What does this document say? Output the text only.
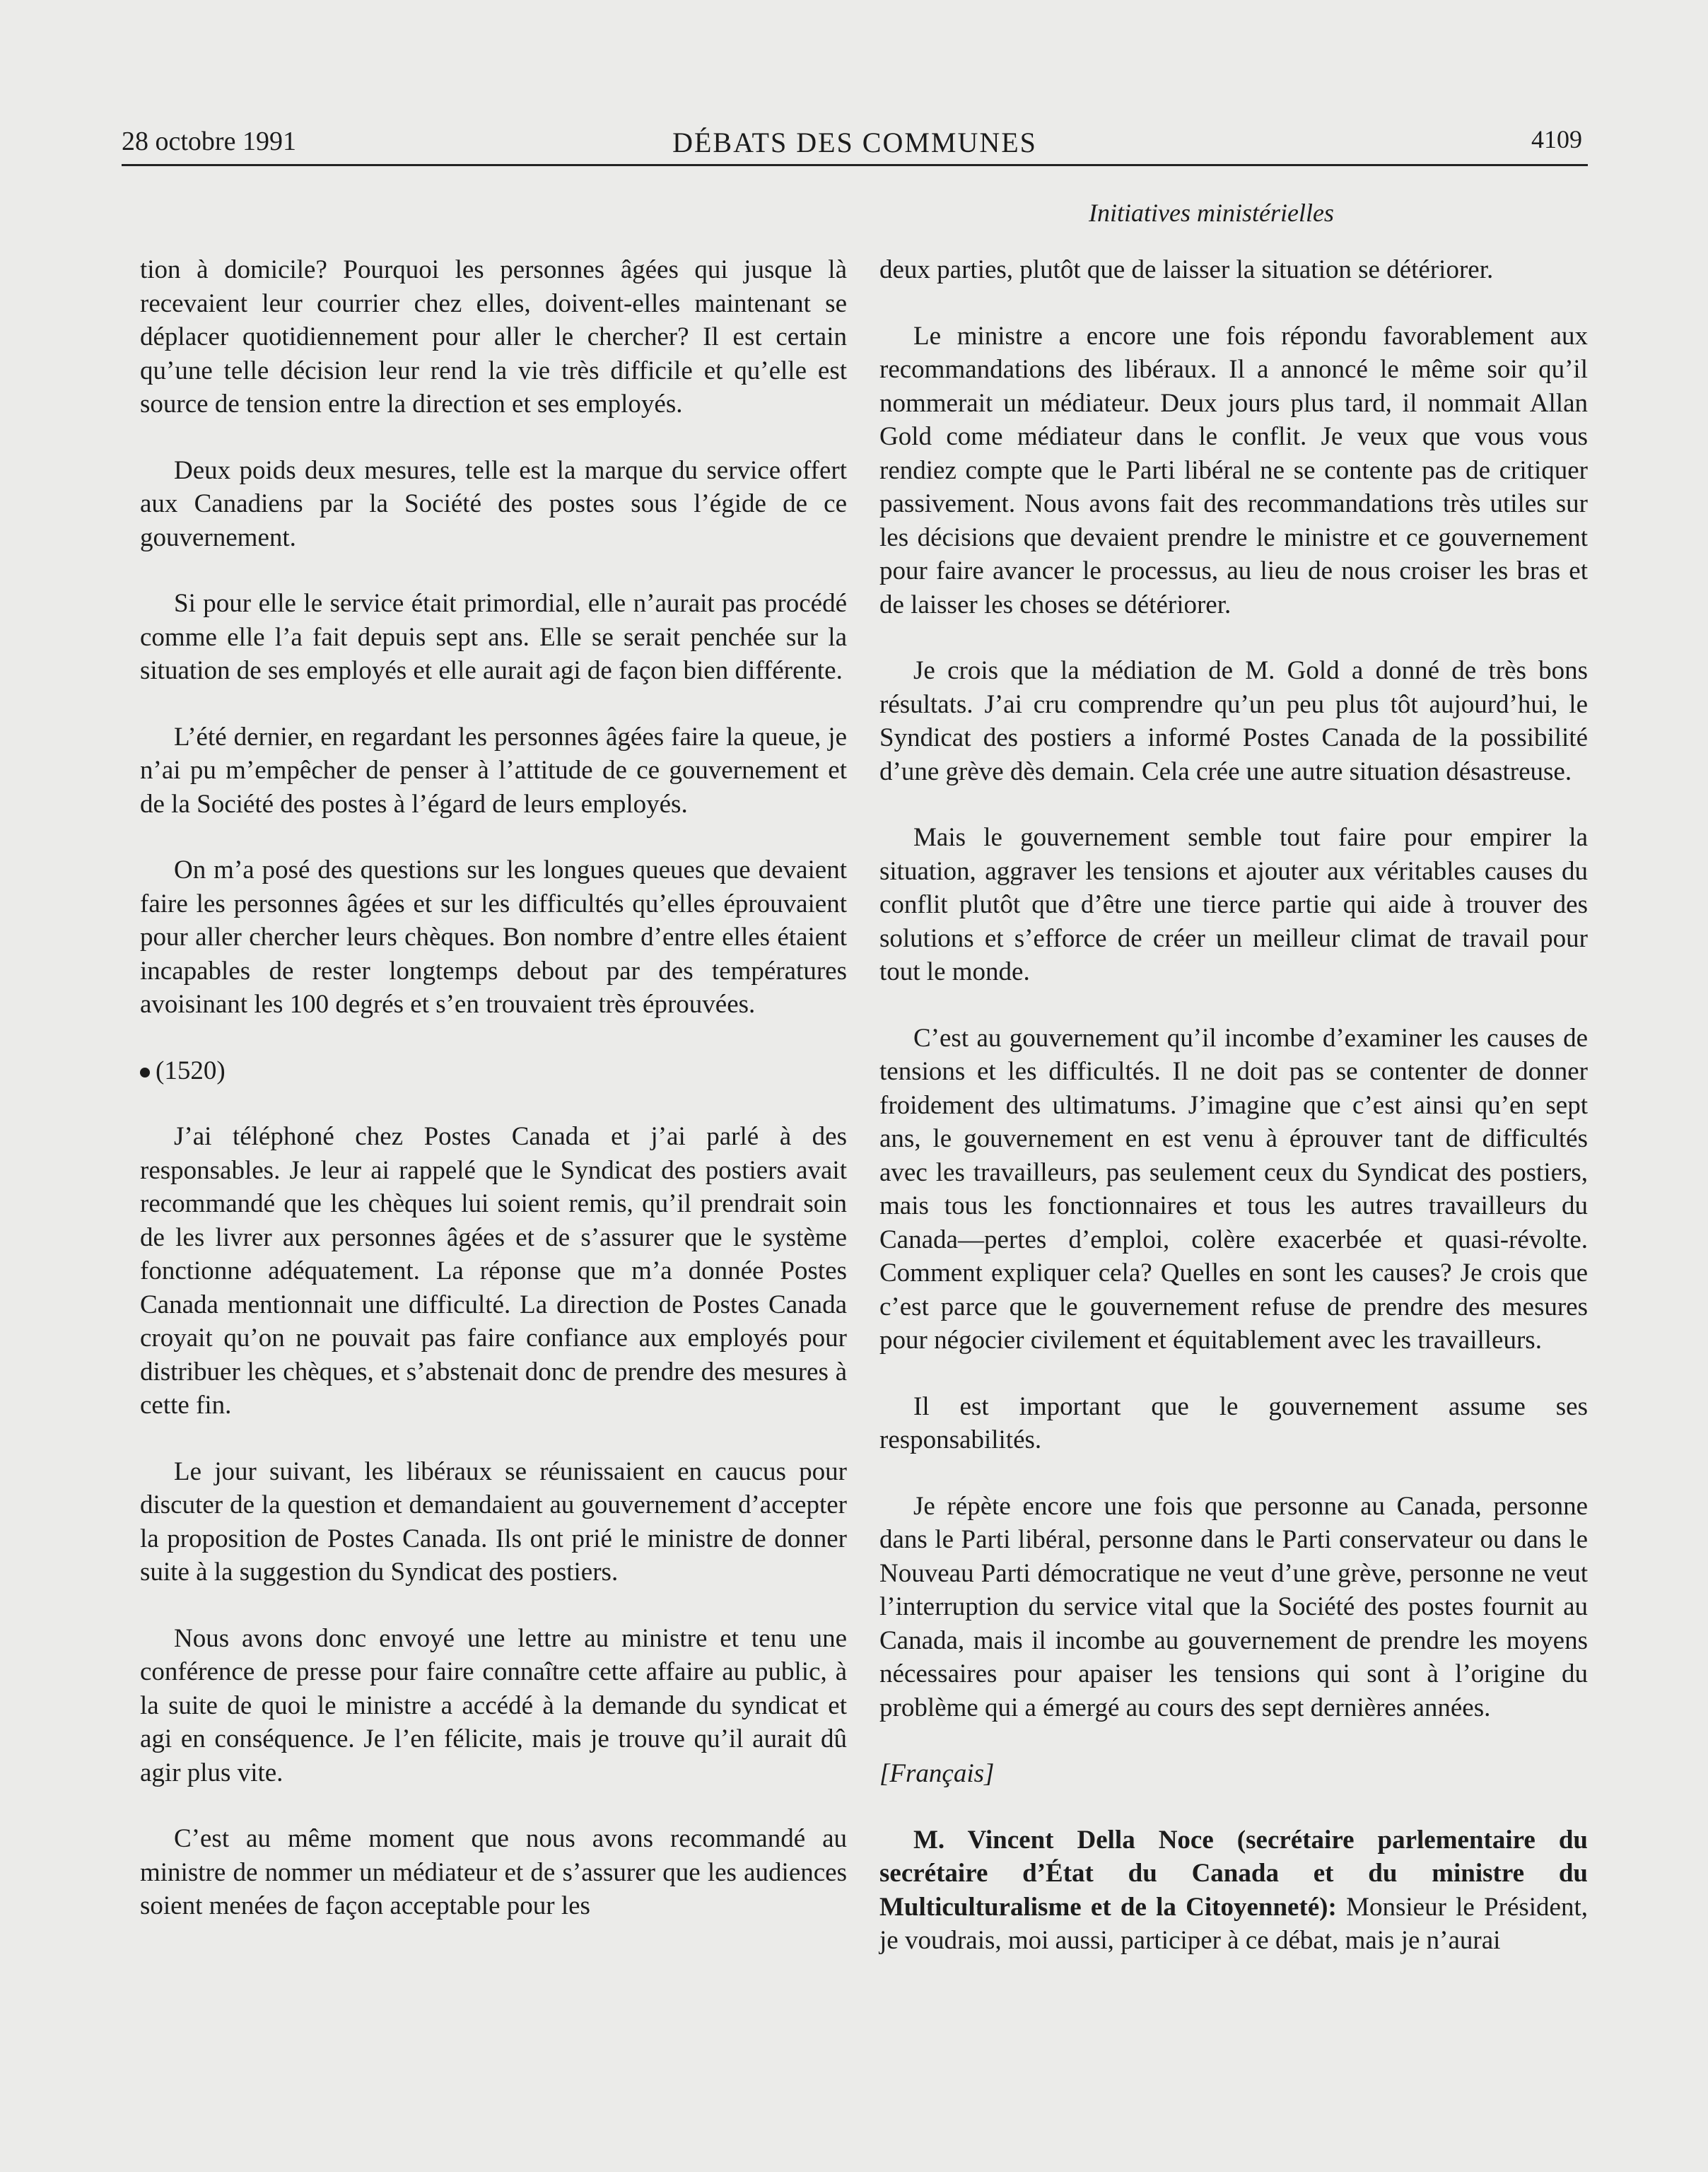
28 octobre 1991	DÉBATS DES COMMUNES	4109
Initiatives ministérielles

tion à domicile? Pourquoi les personnes âgées qui jusque là recevaient leur courrier chez elles, doivent-elles maintenant se déplacer quotidiennement pour aller le chercher? Il est certain qu’une telle décision leur rend la vie très difficile et qu’elle est source de tension entre la direction et ses employés.

Deux poids deux mesures, telle est la marque du service offert aux Canadiens par la Société des postes sous l’égide de ce gouvernement.

Si pour elle le service était primordial, elle n’aurait pas procédé comme elle l’a fait depuis sept ans. Elle se serait penchée sur la situation de ses employés et elle aurait agi de façon bien différente.

L’été dernier, en regardant les personnes âgées faire la queue, je n’ai pu m’empêcher de penser à l’attitude de ce gouvernement et de la Société des postes à l’égard de leurs employés.

On m’a posé des questions sur les longues queues que devaient faire les personnes âgées et sur les difficultés qu’elles éprouvaient pour aller chercher leurs chèques. Bon nombre d’entre elles étaient incapables de rester longtemps debout par des températures avoisinant les 100 degrés et s’en trouvaient très éprouvées.

(1520)

J’ai téléphoné chez Postes Canada et j’ai parlé à des responsables. Je leur ai rappelé que le Syndicat des postiers avait recommandé que les chèques lui soient remis, qu’il prendrait soin de les livrer aux personnes âgées et de s’assurer que le système fonctionne adéquatement. La réponse que m’a donnée Postes Canada mentionnait une difficulté. La direction de Postes Canada croyait qu’on ne pouvait pas faire confiance aux employés pour distribuer les chèques, et s’abstenait donc de prendre des mesures à cette fin.

Le jour suivant, les libéraux se réunissaient en caucus pour discuter de la question et demandaient au gouvernement d’accepter la proposition de Postes Canada. Ils ont prié le ministre de donner suite à la suggestion du Syndicat des postiers.

Nous avons donc envoyé une lettre au ministre et tenu une conférence de presse pour faire connaître cette affaire au public, à la suite de quoi le ministre a accédé à la demande du syndicat et agi en conséquence. Je l’en félicite, mais je trouve qu’il aurait dû agir plus vite.

C’est au même moment que nous avons recommandé au ministre de nommer un médiateur et de s’assurer que les audiences soient menées de façon acceptable pour les

deux parties, plutôt que de laisser la situation se détériorer.

Le ministre a encore une fois répondu favorablement aux recommandations des libéraux. Il a annoncé le même soir qu’il nommerait un médiateur. Deux jours plus tard, il nommait Allan Gold come médiateur dans le conflit. Je veux que vous vous rendiez compte que le Parti libéral ne se contente pas de critiquer passivement. Nous avons fait des recommandations très utiles sur les décisions que devaient prendre le ministre et ce gouvernement pour faire avancer le processus, au lieu de nous croiser les bras et de laisser les choses se détériorer.

Je crois que la médiation de M. Gold a donné de très bons résultats. J’ai cru comprendre qu’un peu plus tôt aujourd’hui, le Syndicat des postiers a informé Postes Canada de la possibilité d’une grève dès demain. Cela crée une autre situation désastreuse.

Mais le gouvernement semble tout faire pour empirer la situation, aggraver les tensions et ajouter aux véritables causes du conflit plutôt que d’être une tierce partie qui aide à trouver des solutions et s’efforce de créer un meilleur climat de travail pour tout le monde.

C’est au gouvernement qu’il incombe d’examiner les causes de tensions et les difficultés. Il ne doit pas se contenter de donner froidement des ultimatums. J’imagine que c’est ainsi qu’en sept ans, le gouvernement en est venu à éprouver tant de difficultés avec les travailleurs, pas seulement ceux du Syndicat des postiers, mais tous les fonctionnaires et tous les autres travailleurs du Canada—pertes d’emploi, colère exacerbée et quasi-révolte. Comment expliquer cela? Quelles en sont les causes? Je crois que c’est parce que le gouvernement refuse de prendre des mesures pour négocier civilement et équitablement avec les travailleurs.

Il est important que le gouvernement assume ses responsabilités.

Je répète encore une fois que personne au Canada, personne dans le Parti libéral, personne dans le Parti conservateur ou dans le Nouveau Parti démocratique ne veut d’une grève, personne ne veut l’interruption du service vital que la Société des postes fournit au Canada, mais il incombe au gouvernement de prendre les moyens nécessaires pour apaiser les tensions qui sont à l’origine du problème qui a émergé au cours des sept dernières années.

[Français]

M. Vincent Della Noce (secrétaire parlementaire du secrétaire d’État du Canada et du ministre du Multiculturalisme et de la Citoyenneté): Monsieur le Président, je voudrais, moi aussi, participer à ce débat, mais je n’aurai
